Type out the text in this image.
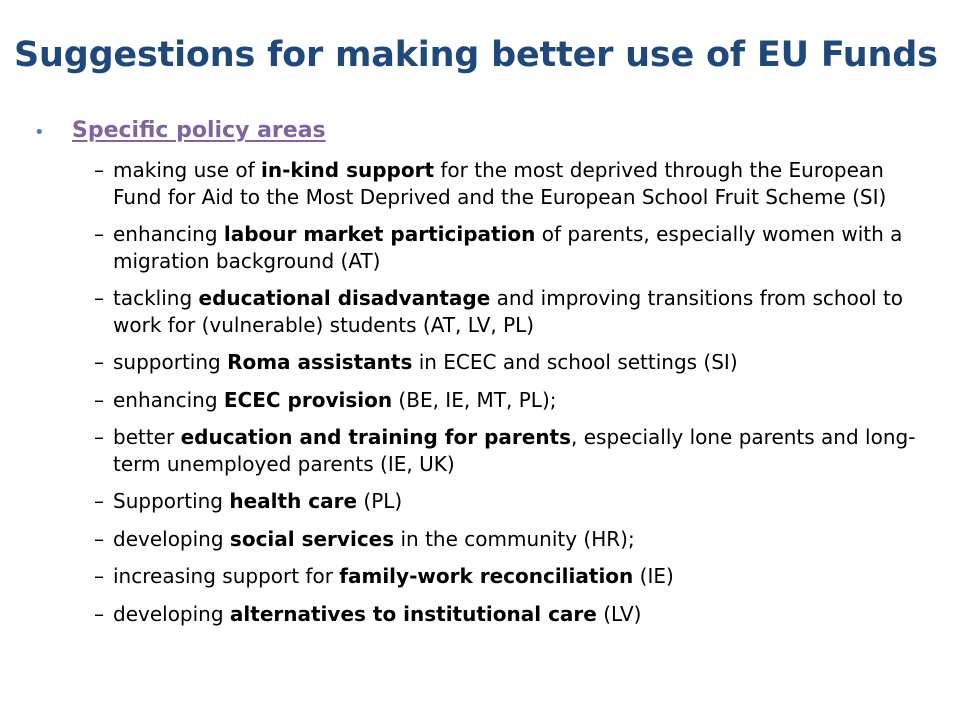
Suggestions for making better use of EU Funds
• Specific policy areas
– making use of in-kind support for the most deprived through the European Fund for Aid to the Most Deprived and the European School Fruit Scheme (SI)
– enhancing labour market participation of parents, especially women with a migration background (AT)
– tackling educational disadvantage and improving transitions from school to work for (vulnerable) students (AT, LV, PL)
– supporting Roma assistants in ECEC and school settings (SI)
– enhancing ECEC provision (BE, IE, MT, PL);
– better education and training for parents, especially lone parents and long-term unemployed parents (IE, UK)
– Supporting health care (PL)
– developing social services in the community (HR);
– increasing support for family-work reconciliation (IE)
– developing alternatives to institutional care (LV)
